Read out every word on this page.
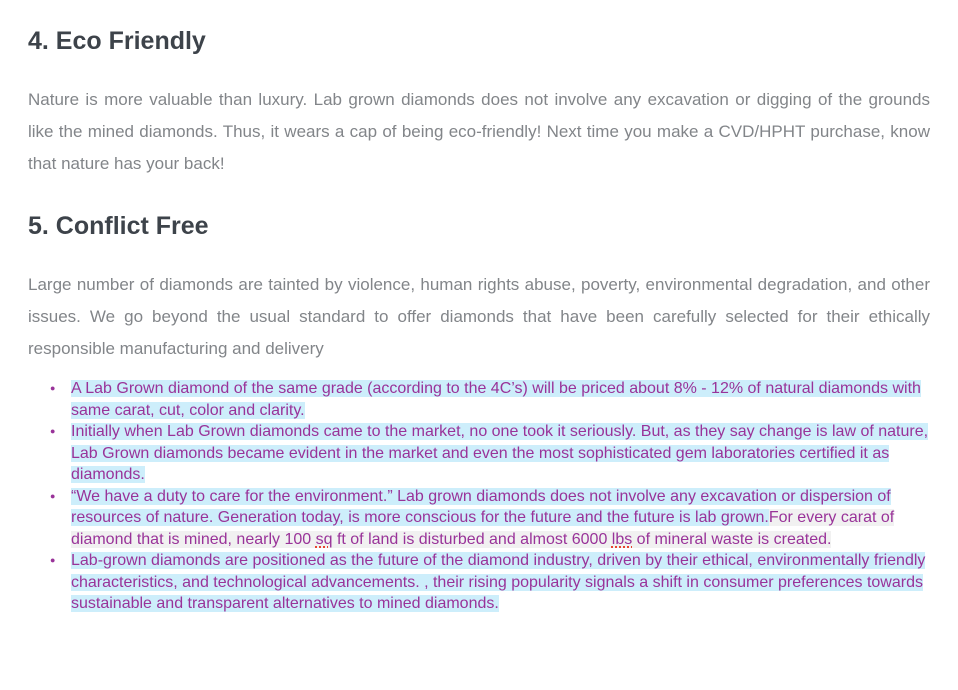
4. Eco Friendly

Nature is more valuable than luxury. Lab grown diamonds does not involve any excavation or digging of the grounds like the mined diamonds. Thus, it wears a cap of being eco-friendly! Next time you make a CVD/HPHT purchase, know that nature has your back!

5. Conflict Free

Large number of diamonds are tainted by violence, human rights abuse, poverty, environmental degradation, and other issues. We go beyond the usual standard to offer diamonds that have been carefully selected for their ethically responsible manufacturing and delivery

● A Lab Grown diamond of the same grade (according to the 4C’s) will be priced about 8% - 12% of natural diamonds with same carat, cut, color and clarity.
● Initially when Lab Grown diamonds came to the market, no one took it seriously. But, as they say change is law of nature, Lab Grown diamonds became evident in the market and even the most sophisticated gem laboratories certified it as diamonds.
● “We have a duty to care for the environment.” Lab grown diamonds does not involve any excavation or dispersion of resources of nature. Generation today, is more conscious for the future and the future is lab grown.For every carat of diamond that is mined, nearly 100 sq ft of land is disturbed and almost 6000 lbs of mineral waste is created.
● Lab-grown diamonds are positioned as the future of the diamond industry, driven by their ethical, environmentally friendly characteristics, and technological advancements. , their rising popularity signals a shift in consumer preferences towards sustainable and transparent alternatives to mined diamonds.
